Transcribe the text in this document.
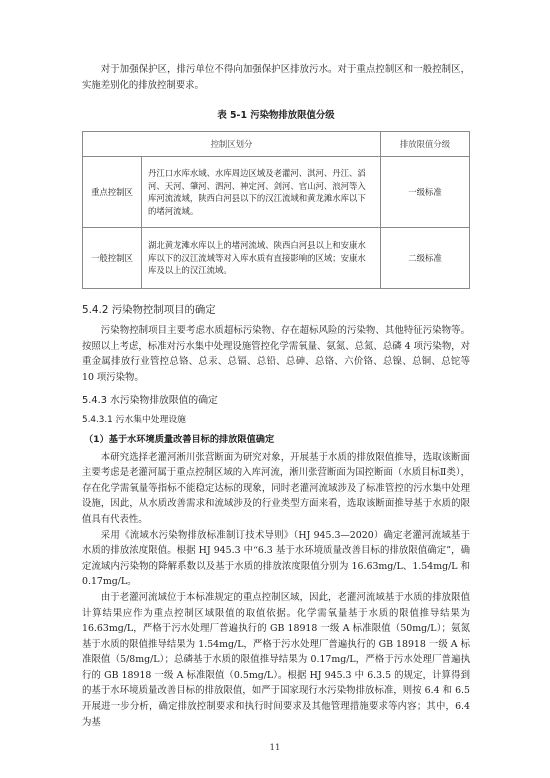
对于加强保护区，排污单位不得向加强保护区排放污水。对于重点控制区和一般控制区，实施差别化的排放控制要求。

表 5-1 污染物排放限值分级
控制区划分		排放限值分级
重点控制区	丹江口水库水域、水库周边区域及老灌河、淇河、丹江、滔河、天河、肇河、泗河、神定河、剑河、官山河、浪河等入库河流流域，陕西白河县以下的汉江流域和黄龙滩水库以下的堵河流域。	一级标准
一般控制区	湖北黄龙滩水库以上的堵河流域、陕西白河县以上和安康水库以下的汉江流域等对入库水质有直接影响的区域；安康水库及以上的汉江流域。	二级标准
5.4.2 污染物控制项目的确定

污染物控制项目主要考虑水质超标污染物、存在超标风险的污染物、其他特征污染物等。按照以上考虑，标准对污水集中处理设施管控化学需氧量、氨氮、总氮、总磷 4 项污染物，对重金属排放行业管控总铬、总汞、总镉、总铅、总砷、总铬、六价铬、总镍、总铜、总铊等 10 项污染物。

5.4.3 水污染物排放限值的确定
5.4.3.1 污水集中处理设施
（1）基于水环境质量改善目标的排放限值确定

本研究选择老灌河淅川张营断面为研究对象，开展基于水质的排放限值推导，选取该断面主要考虑是老灌河属于重点控制区域的入库河流，淅川张营断面为国控断面（水质目标Ⅱ类），存在化学需氧量等指标不能稳定达标的现象，同时老灌河流域涉及了标准管控的污水集中处理设施，因此，从水质改善需求和流域涉及的行业类型方面来看，选取该断面推导基于水质的限值具有代表性。

采用《流域水污染物排放标准制订技术导则》（HJ 945.3—2020）确定老灌河流域基于水质的排放浓度限值。根据 HJ 945.3 中“6.3 基于水环境质量改善目标的排放限值确定”，确定流域内污染物的降解系数以及基于水质的排放浓度限值分别为 16.63mg/L、1.54mg/L 和 0.17mg/L。

由于老灌河流域位于本标准规定的重点控制区域，因此，老灌河流域基于水质的排放限值计算结果应作为重点控制区域限值的取值依据。化学需氧量基于水质的限值推导结果为 16.63mg/L，严格于污水处理厂普遍执行的 GB 18918 一级 A 标准限值（50mg/L）；氨氮基于水质的限值推导结果为 1.54mg/L，严格于污水处理厂普遍执行的 GB 18918 一级 A 标准限值（5/8mg/L）；总磷基于水质的限值推导结果为 0.17mg/L，严格于污水处理厂普遍执行的 GB 18918 一级 A 标准限值（0.5mg/L）。根据 HJ 945.3 中 6.3.5 的规定，计算得到的基于水环境质量改善目标的排放限值，如严于国家现行水污染物排放标准，则按 6.4 和 6.5 开展进一步分析，确定排放控制要求和执行时间要求及其他管理措施要求等内容；其中，6.4 为基

11
